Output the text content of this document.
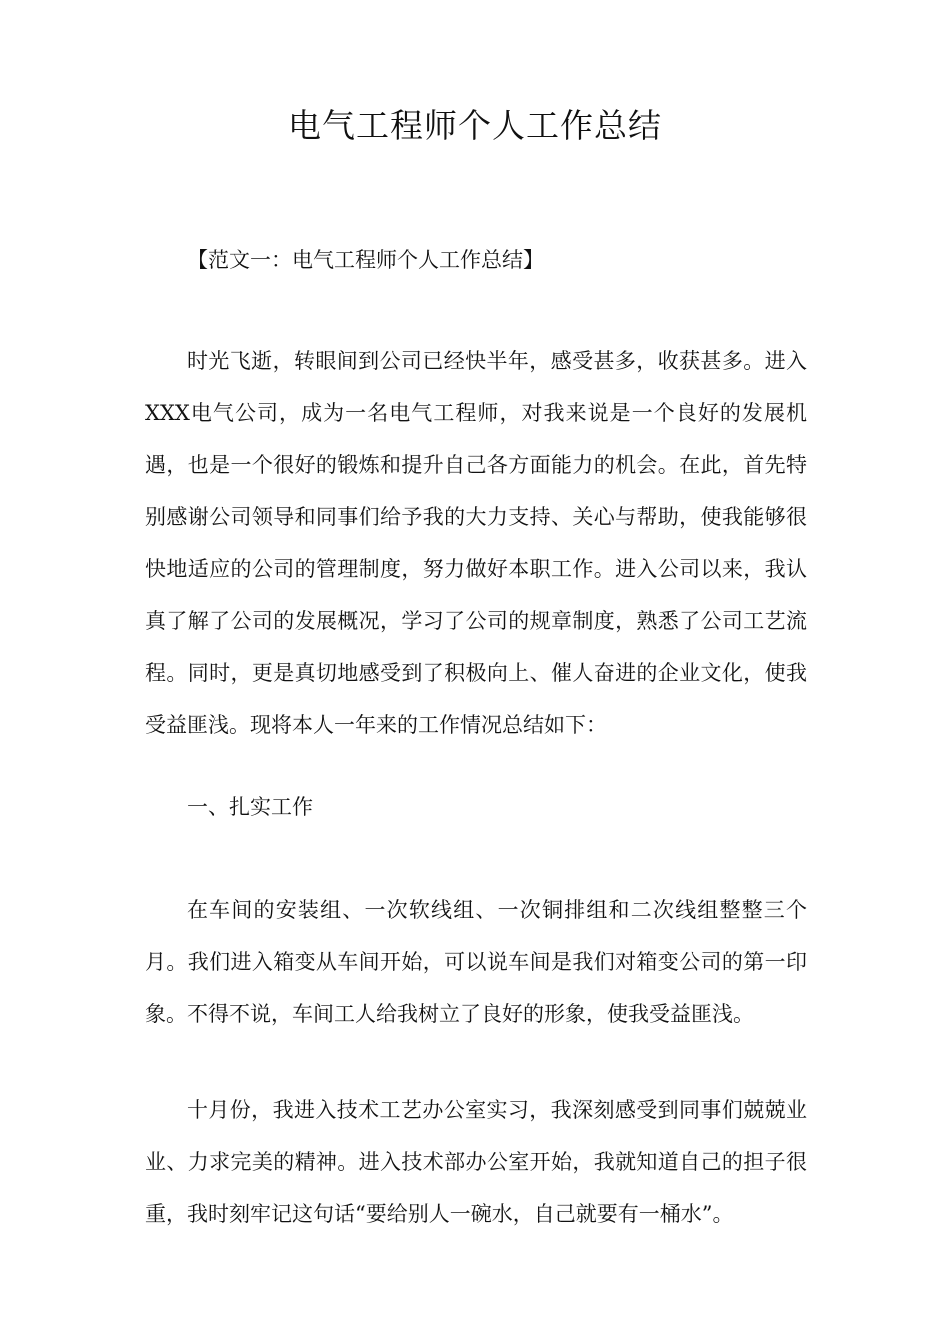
电气工程师个人工作总结

【范文一：电气工程师个人工作总结】

时光飞逝，转眼间到公司已经快半年，感受甚多，收获甚多。进入XXX电气公司，成为一名电气工程师，对我来说是一个良好的发展机遇，也是一个很好的锻炼和提升自己各方面能力的机会。在此，首先特别感谢公司领导和同事们给予我的大力支持、关心与帮助，使我能够很快地适应的公司的管理制度，努力做好本职工作。进入公司以来，我认真了解了公司的发展概况，学习了公司的规章制度，熟悉了公司工艺流程。同时，更是真切地感受到了积极向上、催人奋进的企业文化，使我受益匪浅。现将本人一年来的工作情况总结如下：

一、扎实工作

在车间的安装组、一次软线组、一次铜排组和二次线组整整三个月。我们进入箱变从车间开始，可以说车间是我们对箱变公司的第一印象。不得不说，车间工人给我树立了良好的形象，使我受益匪浅。

十月份，我进入技术工艺办公室实习，我深刻感受到同事们兢兢业业、力求完美的精神。进入技术部办公室开始，我就知道自己的担子很重，我时刻牢记这句话“要给别人一碗水，自己就要有一桶水”。
